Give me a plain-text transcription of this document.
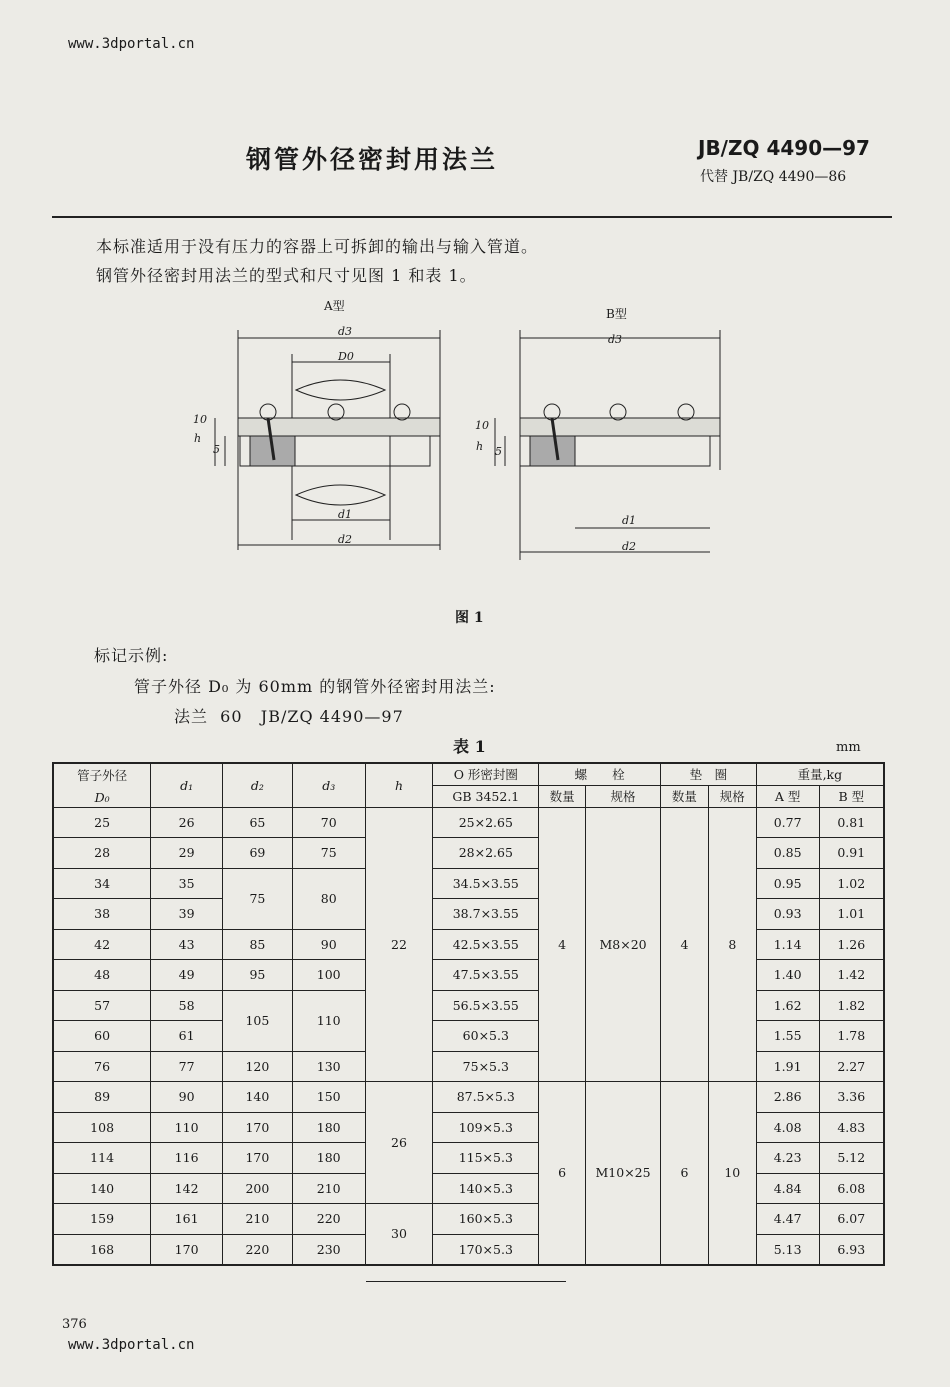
www.3dportal.cn
钢管外径密封用法兰	JB/ZQ 4490—97
代替 JB/ZQ 4490—86
本标准适用于没有压力的容器上可拆卸的输出与输入管道。
钢管外径密封用法兰的型式和尺寸见图 1 和表 1。
A型
B型
d3
D0
d1
d2
d3
d1
d2
h
10
5	h
10
5
图 1
标记示例:
管子外径 D₀ 为 60mm 的钢管外径密封用法兰:
法兰  60   JB/ZQ 4490—97
表 1	mm
管子外径
D₀	d₁	d₂	d₃	h	O 形密封圈	螺　　栓		垫　圈		重量,kg	
					GB 3452.1	数量	规格	数量	规格	A 型	B 型
25	26	65	70	22	25×2.65	4	M8×20	4	8	0.77	0.81
28	29	69	75		28×2.65					0.85	0.91
34	35	75	80		34.5×3.55					0.95	1.02
38	39				38.7×3.55					0.93	1.01
42	43	85	90		42.5×3.55					1.14	1.26
48	49	95	100		47.5×3.55					1.40	1.42
57	58	105	110		56.5×3.55					1.62	1.82
60	61				60×5.3					1.55	1.78
76	77	120	130		75×5.3					1.91	2.27
89	90	140	150	26	87.5×5.3	6	M10×25	6	10	2.86	3.36
108	110	170	180		109×5.3					4.08	4.83
114	116	170	180		115×5.3					4.23	5.12
140	142	200	210		140×5.3					4.84	6.08
159	161	210	220	30	160×5.3					4.47	6.07
168	170	220	230		170×5.3					5.13	6.93
376
www.3dportal.cn
